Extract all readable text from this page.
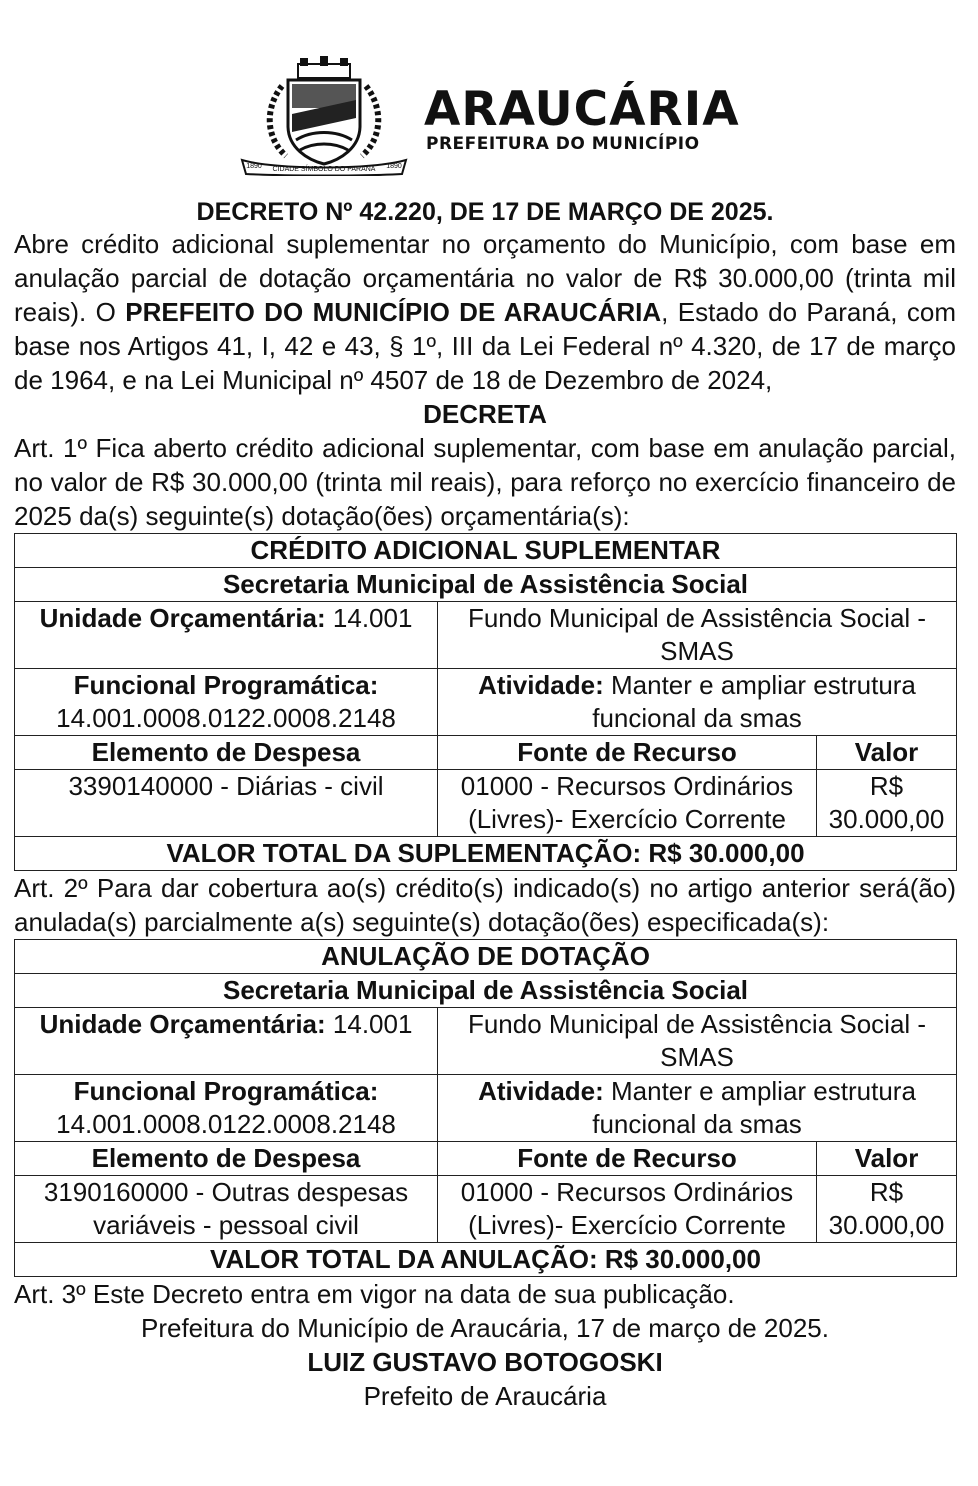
CIDADE SÍMBOLO DO PARANÁ
1890	1890
ARAUCÁRIA
PREFEITURA DO MUNICÍPIO
DECRETO Nº 42.220, DE 17 DE MARÇO DE 2025.
Abre crédito adicional suplementar no orçamento do Município, com base em anulação parcial de dotação orçamentária no valor de R$ 30.000,00 (trinta mil reais). O PREFEITO DO MUNICÍPIO DE ARAUCÁRIA, Estado do Paraná, com base nos Artigos 41, I, 42 e 43, § 1º, III da Lei Federal nº 4.320, de 17 de março de 1964, e na Lei Municipal nº 4507 de 18 de Dezembro de 2024,
DECRETA
Art. 1º Fica aberto crédito adicional suplementar, com base em anulação parcial, no valor de R$ 30.000,00 (trinta mil reais), para reforço no exercício financeiro de 2025 da(s) seguinte(s) dotação(ões) orçamentária(s):
CRÉDITO ADICIONAL SUPLEMENTAR		
Secretaria Municipal de Assistência Social		
Unidade Orçamentária: 14.001	Fundo Municipal de Assistência Social - SMAS	
Funcional Programática:
14.001.0008.0122.0008.2148	Atividade: Manter e ampliar estrutura funcional da smas	
Elemento de Despesa	Fonte de Recurso	Valor
3390140000 - Diárias - civil	01000 - Recursos Ordinários (Livres)- Exercício Corrente	R$ 30.000,00
VALOR TOTAL DA SUPLEMENTAÇÃO: R$ 30.000,00		
Art. 2º Para dar cobertura ao(s) crédito(s) indicado(s) no artigo anterior será(ão) anulada(s) parcialmente a(s) seguinte(s) dotação(ões) especificada(s):
ANULAÇÃO DE DOTAÇÃO		
Secretaria Municipal de Assistência Social		
Unidade Orçamentária: 14.001	Fundo Municipal de Assistência Social - SMAS	
Funcional Programática:
14.001.0008.0122.0008.2148	Atividade: Manter e ampliar estrutura funcional da smas	
Elemento de Despesa	Fonte de Recurso	Valor
3190160000 - Outras despesas variáveis - pessoal civil	01000 - Recursos Ordinários (Livres)- Exercício Corrente	R$ 30.000,00
VALOR TOTAL DA ANULAÇÃO: R$ 30.000,00		
Art. 3º Este Decreto entra em vigor na data de sua publicação.
Prefeitura do Município de Araucária, 17 de março de 2025.
LUIZ GUSTAVO BOTOGOSKI
Prefeito de Araucária
